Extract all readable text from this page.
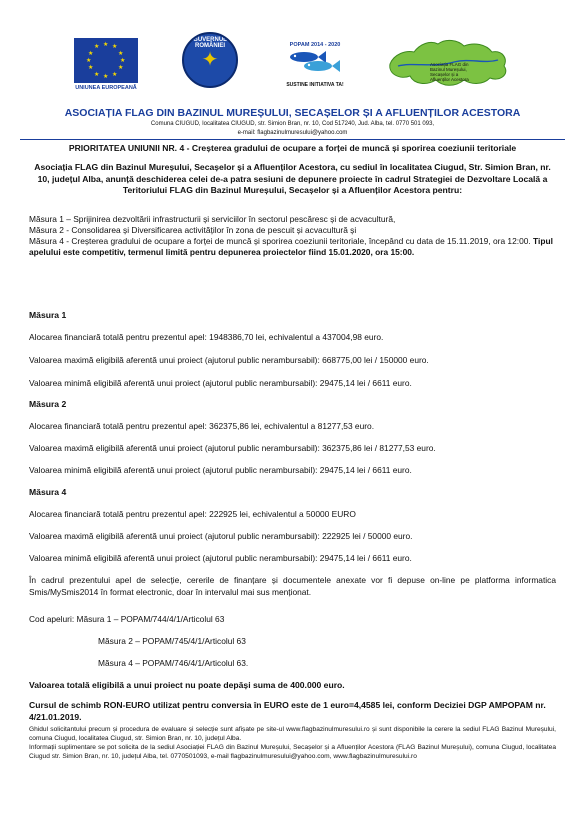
★ ★
★
★
★
★
★
★
★
★
★
★
UNIUNEA EUROPEANĂ
GUVERNUL ROMÂNIEI
✦
POPAM 2014 - 2020
SUSTINE INITIATIVA TA!
Asociația FLAG din Bazinul Mureșului, Secașelor și a Afluenților Acestora
ASOCIAȚIA FLAG DIN BAZINUL MUREȘULUI, SECAȘELOR ȘI A AFLUENȚILOR ACESTORA
Comuna CIUGUD, localitatea CIUGUD, str. Simion Bran, nr. 10, Cod 517240, Jud. Alba, tel. 0770 501 093,
e-mail: flagbazinulmuresului@yahoo.com
PRIORITATEA UNIUNII NR. 4 - Creșterea gradului de ocupare a forței de muncă și sporirea coeziunii teritoriale
Asociația FLAG din Bazinul Mureșului, Secașelor și a Afluenților Acestora, cu sediul în localitatea Ciugud, Str. Simion Bran, nr. 10, județul Alba, anunță deschiderea celei de-a patra sesiuni de depunere proiecte în cadrul Strategiei de Dezvoltare Locală a Teritoriului FLAG din Bazinul Mureșului, Secașelor și a Afluenților Acestora pentru:

Măsura 1 – Sprijinirea dezvoltării infrastructurii și serviciilor în sectorul pescăresc și de acvacultură,

Măsura 2 - Consolidarea și Diversificarea activităților în zona de pescuit și acvacultură și

Măsura 4 - Creșterea gradului de ocupare a forței de muncă și sporirea coeziunii teritoriale, începând cu data de 15.11.2019, ora 12:00. Tipul apelului este competitiv, termenul limită pentru depunerea proiectelor fiind 15.01.2020, ora 15:00.

Măsura 1
Alocarea financiară totală pentru prezentul apel: 1948386,70 lei, echivalentul a 437004,98 euro.
Valoarea maximă eligibilă aferentă unui proiect (ajutorul public nerambursabil): 668775,00 lei / 150000 euro.
Valoarea minimă eligibilă aferentă unui proiect (ajutorul public nerambursabil): 29475,14 lei / 6611 euro.
Măsura 2
Alocarea financiară totală pentru prezentul apel: 362375,86 lei, echivalentul a 81277,53 euro.
Valoarea maximă eligibilă aferentă unui proiect (ajutorul public nerambursabil): 362375,86 lei / 81277,53 euro.
Valoarea minimă eligibilă aferentă unui proiect (ajutorul public nerambursabil): 29475,14 lei / 6611 euro.
Măsura 4
Alocarea financiară totală pentru prezentul apel: 222925 lei, echivalentul a 50000 EURO
Valoarea maximă eligibilă aferentă unui proiect (ajutorul public nerambursabil): 222925 lei / 50000 euro.
Valoarea minimă eligibilă aferentă unui proiect (ajutorul public nerambursabil): 29475,14 lei / 6611 euro.
În cadrul prezentului apel de selecție, cererile de finanțare și documentele anexate vor fi depuse on-line pe platforma informatica Smis/MySmis2014 în format electronic, doar în intervalul mai sus menționat.
Cod apeluri: Măsura 1 – POPAM/744/4/1/Articolul 63
Măsura 2 – POPAM/745/4/1/Articolul 63
Măsura 4 – POPAM/746/4/1/Articolul 63.
Valoarea totală eligibilă a unui proiect nu poate depăși suma de 400.000 euro.
Cursul de schimb RON-EURO utilizat pentru conversia în EURO este de 1 euro=4,4585 lei, conform Deciziei DGP AMPOPAM nr. 4/21.01.2019.
Ghidul solicitantului precum și procedura de evaluare și selecție sunt afișate pe site-ul www.flagbazinulmuresului.ro și sunt disponibile la cerere la sediul FLAG Bazinul Mureșului, comuna Ciugud, localitatea Ciugud, str. Simion Bran, nr. 10, județul Alba.
Informații suplimentare se pot solicita de la sediul Asociației FLAG din Bazinul Mureșului, Secașelor și a Afluenților Acestora (FLAG Bazinul Mureșului), comuna Ciugud, localitatea Ciugud str. Simion Bran, nr. 10, județul Alba, tel. 0770501093, e-mail flagbazinulmuresului@yahoo.com, www.flagbazinulmuresului.ro
